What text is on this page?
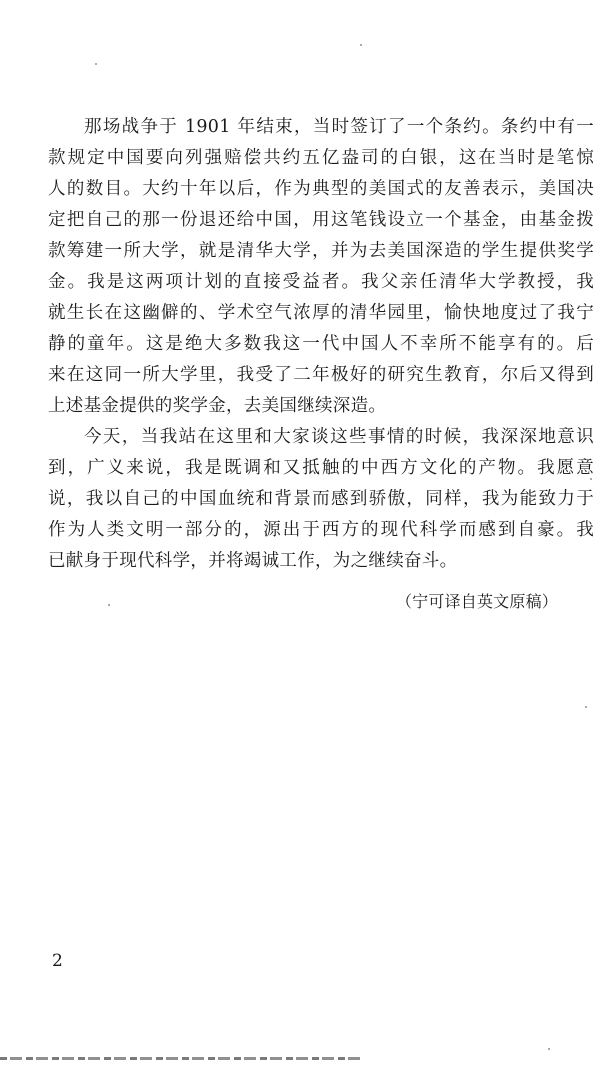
那场战争于 1901 年结束，当时签订了一个条约。条约中有一
款规定中国要向列强赔偿共约五亿盎司的白银，这在当时是笔惊
人的数目。大约十年以后，作为典型的美国式的友善表示，美国决
定把自己的那一份退还给中国，用这笔钱设立一个基金，由基金拨
款筹建一所大学，就是清华大学，并为去美国深造的学生提供奖学
金。我是这两项计划的直接受益者。我父亲任清华大学教授，我
就生长在这幽僻的、学术空气浓厚的清华园里，愉快地度过了我宁
静的童年。这是绝大多数我这一代中国人不幸所不能享有的。后
来在这同一所大学里，我受了二年极好的研究生教育，尔后又得到
上述基金提供的奖学金，去美国继续深造。
今天，当我站在这里和大家谈这些事情的时候，我深深地意识
到，广义来说，我是既调和又抵触的中西方文化的产物。我愿意
说，我以自己的中国血统和背景而感到骄傲，同样，我为能致力于
作为人类文明一部分的，源出于西方的现代科学而感到自豪。我
已献身于现代科学，并将竭诚工作，为之继续奋斗。
（宁可译自英文原稿）
2
